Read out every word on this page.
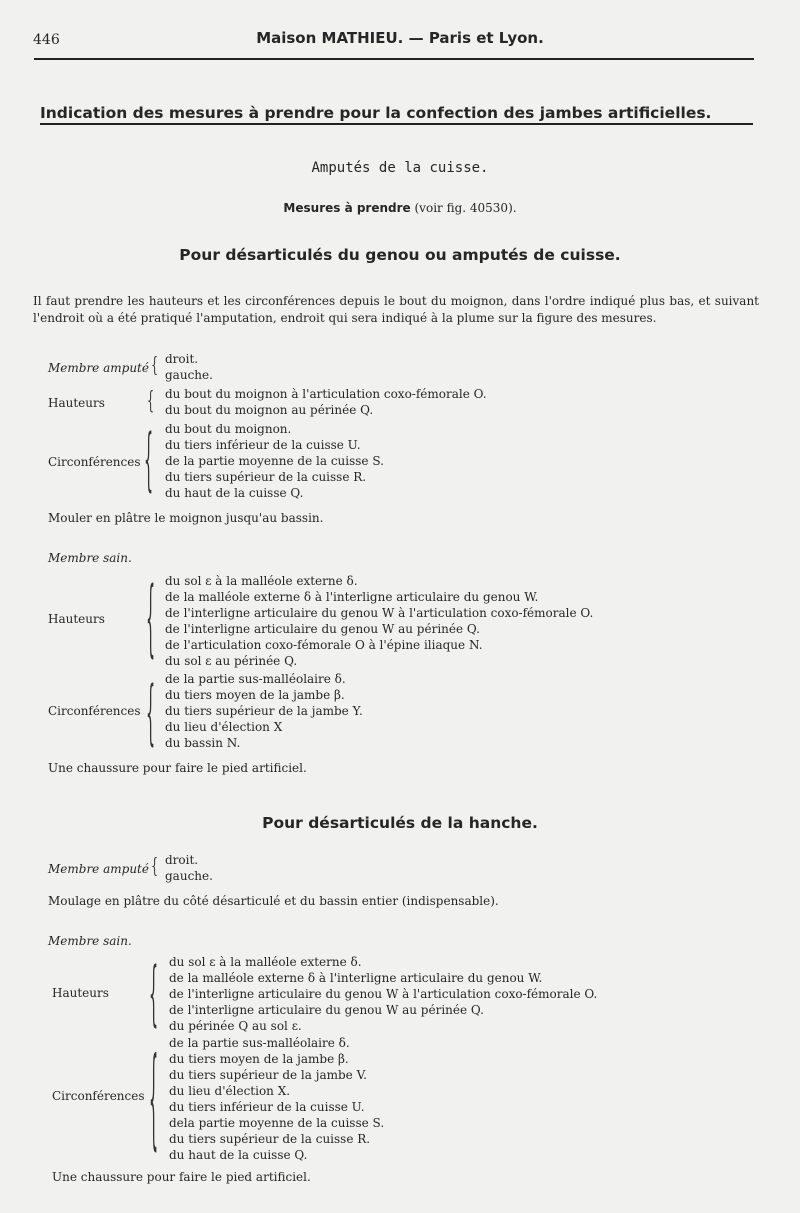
446	Maison MATHIEU. — Paris et Lyon.
Indication des mesures à prendre pour la confection des jambes artificielles.
Amputés de la cuisse.
Mesures à prendre (voir fig. 40530).
Pour désarticulés du genou ou amputés de cuisse.
Il faut prendre les hauteurs et les circonférences depuis le bout du moignon, dans l'ordre indiqué plus bas, et suivant l'endroit où a été pratiqué l'amputation, endroit qui sera indiqué à la plume sur la figure des mesures.
Membre amputé { droit.
gauche.
Hauteurs	{ du bout du moignon à l'articulation coxo-fémorale O.
du bout du moignon au périnée Q.
Circonférences { du bout du moignon.
du tiers inférieur de la cuisse U.
de la partie moyenne de la cuisse S.
du tiers supérieur de la cuisse R.
du haut de la cuisse Q.
Mouler en plâtre le moignon jusqu'au bassin.
Membre sain.
Hauteurs	{ du sol ε à la malléole externe δ.
de la malléole externe δ à l'interligne articulaire du genou W.
de l'interligne articulaire du genou W à l'articulation coxo-fémorale O.
de l'interligne articulaire du genou W au périnée Q.
de l'articulation coxo-fémorale O à l'épine iliaque N.
du sol ε au périnée Q.
Circonférences { de la partie sus-malléolaire δ.
du tiers moyen de la jambe β.
du tiers supérieur de la jambe Y.
du lieu d'élection X
du bassin N.
Une chaussure pour faire le pied artificiel.
Pour désarticulés de la hanche.
Membre amputé { droit.
gauche.
Moulage en plâtre du côté désarticulé et du bassin entier (indispensable).
Membre sain.
Hauteurs	{ du sol ε à la malléole externe δ.
de la malléole externe δ à l'interligne articulaire du genou W.
de l'interligne articulaire du genou W à l'articulation coxo-fémorale O.
de l'interligne articulaire du genou W au périnée Q.
du périnée Q au sol ε.
Circonférences { de la partie sus-malléolaire δ.
du tiers moyen de la jambe β.
du tiers supérieur de la jambe V.
du lieu d'élection X.
du tiers inférieur de la cuisse U.
dela partie moyenne de la cuisse S.
du tiers supérieur de la cuisse R.
du haut de la cuisse Q.
Une chaussure pour faire le pied artificiel.
